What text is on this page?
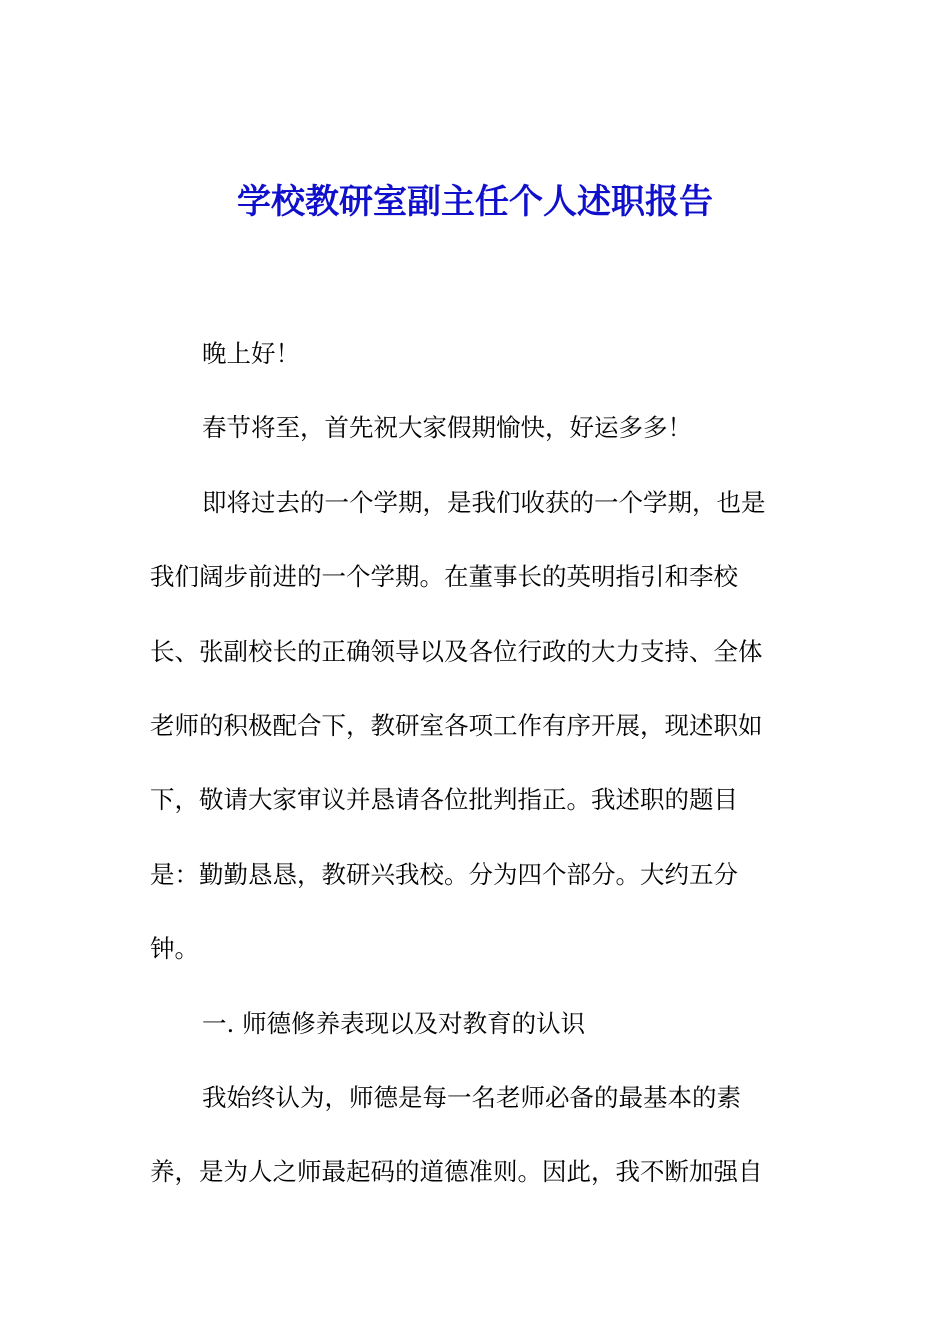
学校教研室副主任个人述职报告
晚上好！
春节将至，首先祝大家假期愉快，好运多多！
即将过去的一个学期，是我们收获的一个学期，也是
我们阔步前进的一个学期。在董事长的英明指引和李校
长、张副校长的正确领导以及各位行政的大力支持、全体
老师的积极配合下，教研室各项工作有序开展，现述职如
下，敬请大家审议并恳请各位批判指正。我述职的题目
是：勤勤恳恳，教研兴我校。分为四个部分。大约五分
钟。
一. 师德修养表现以及对教育的认识
我始终认为，师德是每一名老师必备的最基本的素
养，是为人之师最起码的道德准则。因此，我不断加强自
